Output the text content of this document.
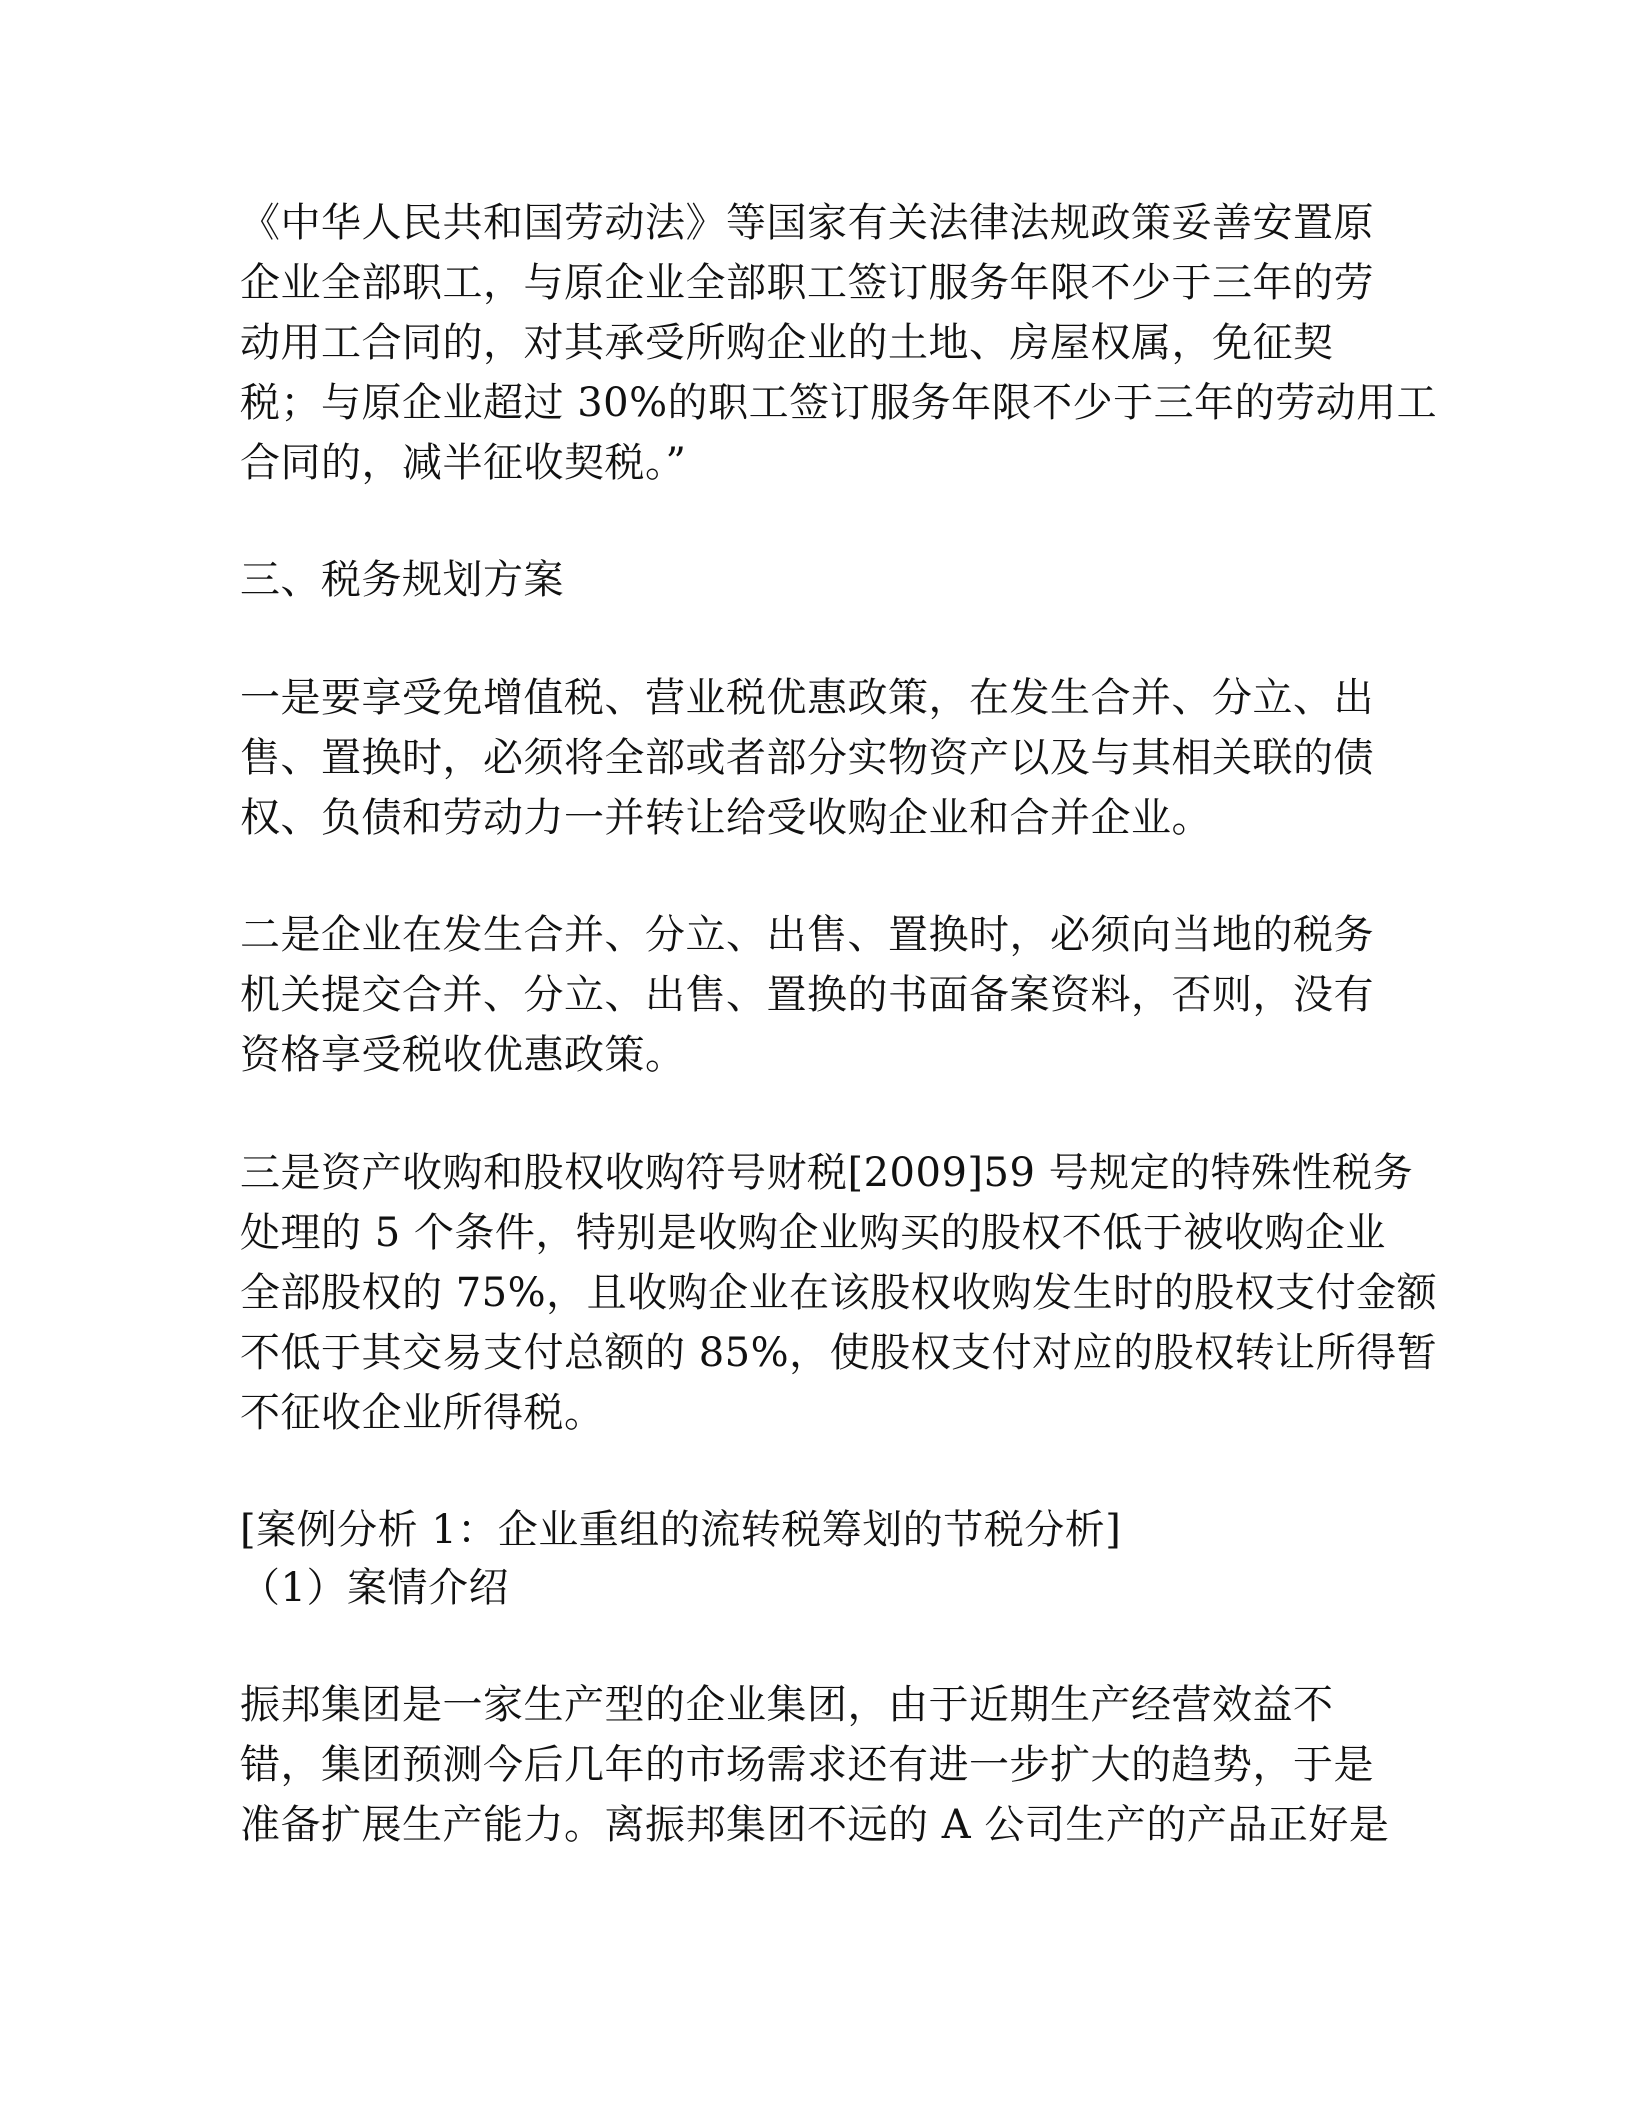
《中华人民共和国劳动法》等国家有关法律法规政策妥善安置原
企业全部职工，与原企业全部职工签订服务年限不少于三年的劳
动用工合同的，对其承受所购企业的土地、房屋权属，免征契
税；与原企业超过 30%的职工签订服务年限不少于三年的劳动用工
合同的，减半征收契税。”
三、税务规划方案
一是要享受免增值税、营业税优惠政策，在发生合并、分立、出
售、置换时，必须将全部或者部分实物资产以及与其相关联的债
权、负债和劳动力一并转让给受收购企业和合并企业。
二是企业在发生合并、分立、出售、置换时，必须向当地的税务
机关提交合并、分立、出售、置换的书面备案资料，否则，没有
资格享受税收优惠政策。
三是资产收购和股权收购符号财税[2009]59 号规定的特殊性税务
处理的 5 个条件，特别是收购企业购买的股权不低于被收购企业
全部股权的 75%，且收购企业在该股权收购发生时的股权支付金额
不低于其交易支付总额的 85%，使股权支付对应的股权转让所得暂
不征收企业所得税。
[案例分析 1：企业重组的流转税筹划的节税分析]
（1）案情介绍
振邦集团是一家生产型的企业集团，由于近期生产经营效益不
错，集团预测今后几年的市场需求还有进一步扩大的趋势，于是
准备扩展生产能力。离振邦集团不远的 A 公司生产的产品正好是
